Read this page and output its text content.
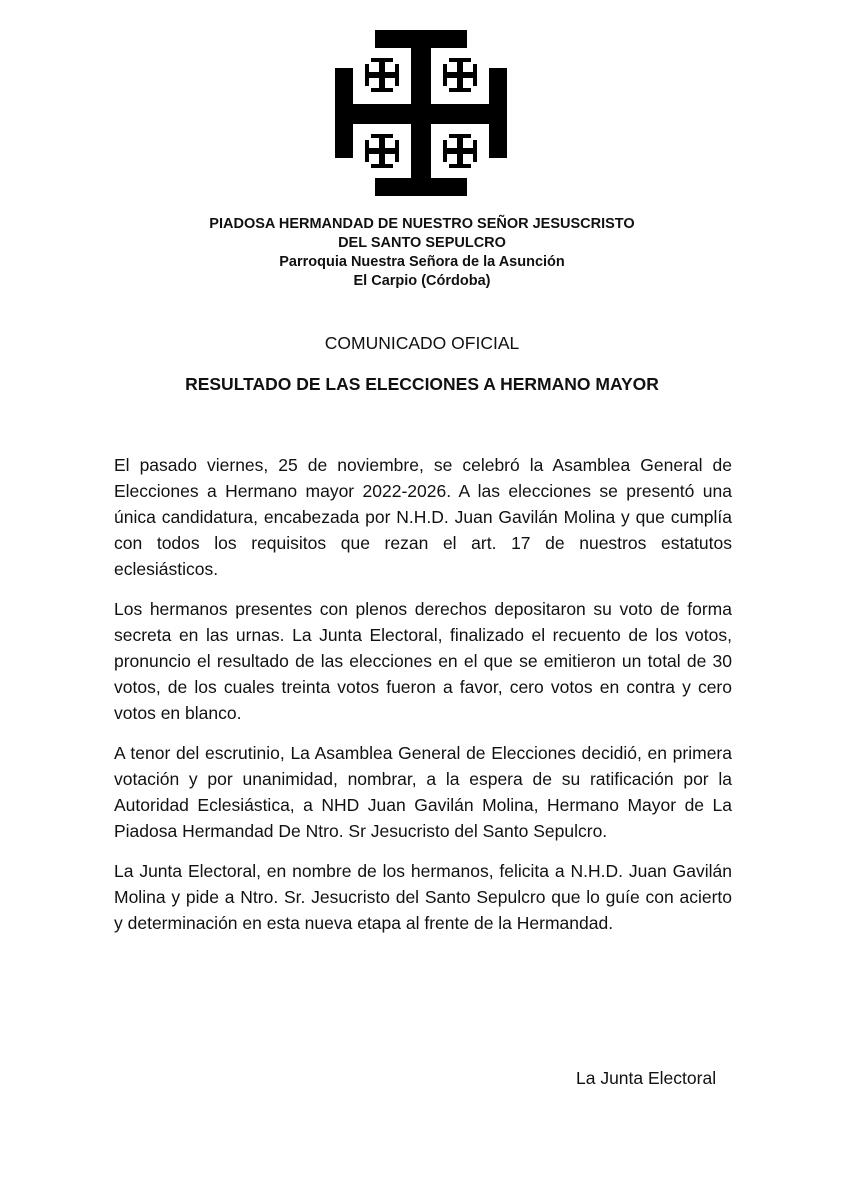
PIADOSA HERMANDAD DE NUESTRO SEÑOR JESUSCRISTO
DEL SANTO SEPULCRO
Parroquia Nuestra Señora de la Asunción
El Carpio (Córdoba)
COMUNICADO OFICIAL
RESULTADO DE LAS ELECCIONES A HERMANO MAYOR

El pasado viernes, 25 de noviembre, se celebró la Asamblea General de Elecciones a Hermano mayor 2022-2026. A las elecciones se presentó una única candidatura, encabezada por N.H.D. Juan Gavilán Molina y que cumplía con todos los requisitos que rezan el art. 17 de nuestros estatutos eclesiásticos.

Los hermanos presentes con plenos derechos depositaron su voto de forma secreta en las urnas. La Junta Electoral, finalizado el recuento de los votos, pronuncio el resultado de las elecciones en el que se emitieron un total de 30 votos, de los cuales treinta votos fueron a favor, cero votos en contra y cero votos en blanco.

A tenor del escrutinio, La Asamblea General de Elecciones decidió, en primera votación y por unanimidad, nombrar, a la espera de su ratificación por la Autoridad Eclesiástica, a NHD Juan Gavilán Molina, Hermano Mayor de La Piadosa Hermandad De Ntro. Sr Jesucristo del Santo Sepulcro.

La Junta Electoral, en nombre de los hermanos, felicita a N.H.D. Juan Gavilán Molina y pide a Ntro. Sr. Jesucristo del Santo Sepulcro que lo guíe con acierto y determinación en esta nueva etapa al frente de la Hermandad.

La Junta Electoral
